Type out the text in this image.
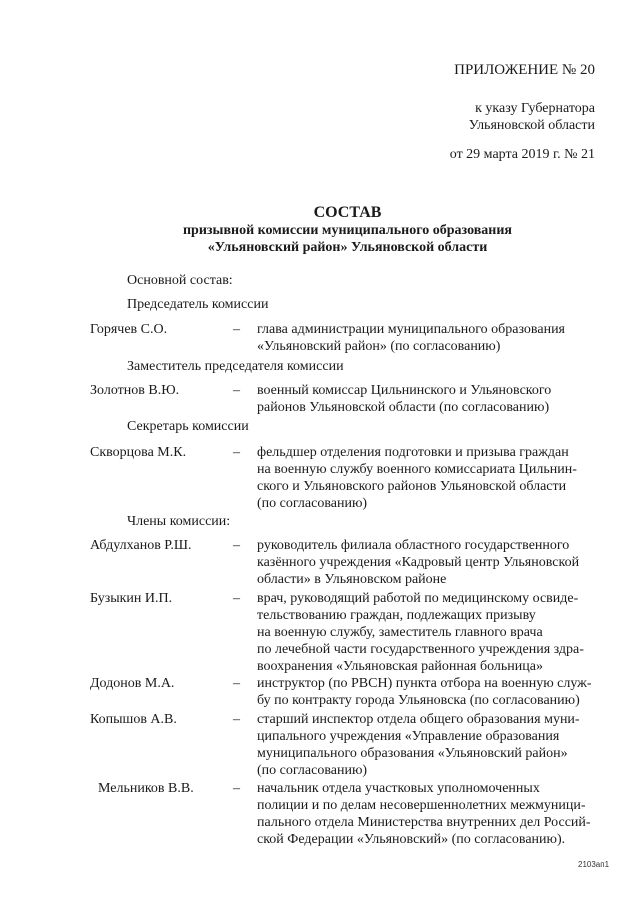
ПРИЛОЖЕНИЕ № 20
к указу Губернатора
Ульяновской области
от 29 марта 2019 г. № 21
СОСТАВ
призывной комиссии муниципального образования
«Ульяновский район» Ульяновской области
Основной состав:
Председатель комиссии
Горячев С.О.	– глава администрации муниципального образования
«Ульяновский район» (по согласованию)
Заместитель председателя комиссии
Золотнов В.Ю.	– военный комиссар Цильнинского и Ульяновского
районов Ульяновской области (по согласованию)
Секретарь комиссии
Скворцова М.К.	– фельдшер отделения подготовки и призыва граждан
на военную службу военного комиссариата Цильнин-
ского и Ульяновского районов Ульяновской области
(по согласованию)
Члены комиссии:
Абдулханов Р.Ш.	– руководитель филиала областного государственного
казённого учреждения «Кадровый центр Ульяновской
области» в Ульяновском районе
Бузыкин И.П.	– врач, руководящий работой по медицинскому освиде-
тельствованию граждан, подлежащих призыву
на военную службу, заместитель главного врача
по лечебной части государственного учреждения здра-
воохранения «Ульяновская районная больница»
Додонов М.А.	– инструктор (по РВСН) пункта отбора на военную служ-
бу по контракту города Ульяновска (по согласованию)
Копышов А.В.	– старший инспектор отдела общего образования муни-
ципального учреждения «Управление образования
муниципального образования «Ульяновский район»
(по согласованию)
Мельников В.В.	– начальник отдела участковых уполномоченных
полиции и по делам несовершеннолетних межмуници-
пального отдела Министерства внутренних дел Россий-
ской Федерации «Ульяновский» (по согласованию).
2103ап1
